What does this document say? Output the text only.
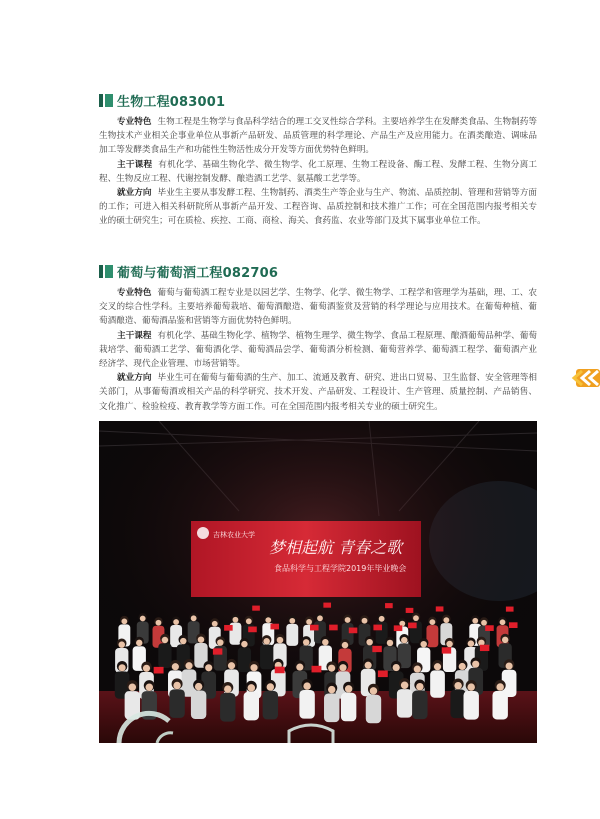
生物工程083001

专业特色 生物工程是生物学与食品科学结合的理工交叉性综合学科。主要培养学生在发酵类食品、生物制药等生物技术产业相关企事业单位从事新产品研发、品质管理的科学理论、产品生产及应用能力。在酒类酿造、调味品加工等发酵类食品生产和功能性生物活性成分开发等方面优势特色鲜明。

主干课程 有机化学、基础生物化学、微生物学、化工原理、生物工程设备、酶工程、发酵工程、生物分离工程、生物反应工程、代谢控制发酵、酿造酒工艺学、氨基酸工艺学等。

就业方向 毕业生主要从事发酵工程、生物制药、酒类生产等企业与生产、物流、品质控制、管理和营销等方面的工作；可进入相关科研院所从事新产品开发、工程咨询、品质控制和技术推广工作；可在全国范围内报考相关专业的硕士研究生；可在质检、疾控、工商、商检、海关、食药监、农业等部门及其下属事业单位工作。

葡萄与葡萄酒工程082706

专业特色 葡萄与葡萄酒工程专业是以园艺学、生物学、化学、微生物学、工程学和管理学为基础，理、工、农交叉的综合性学科。主要培养葡萄栽培、葡萄酒酿造、葡萄酒鉴赏及营销的科学理论与应用技术。在葡萄种植、葡萄酒酿造、葡萄酒品鉴和营销等方面优势特色鲜明。

主干课程 有机化学、基础生物化学、植物学、植物生理学、微生物学、食品工程原理、酿酒葡萄品种学、葡萄栽培学、葡萄酒工艺学、葡萄酒化学、葡萄酒品尝学、葡萄酒分析检测、葡萄营养学、葡萄酒工程学、葡萄酒产业经济学、现代企业管理、市场营销等。

就业方向 毕业生可在葡萄与葡萄酒的生产、加工、流通及教育、研究、进出口贸易、卫生监督、安全管理等相关部门，从事葡萄酒或相关产品的科学研究、技术开发、产品研发、工程设计、生产管理、质量控制、产品销售、文化推广、检验检疫、教育教学等方面工作。可在全国范围内报考相关专业的硕士研究生。

吉林农业大学
梦相起航 青春之歌
食品科学与工程学院2019年毕业晚会
